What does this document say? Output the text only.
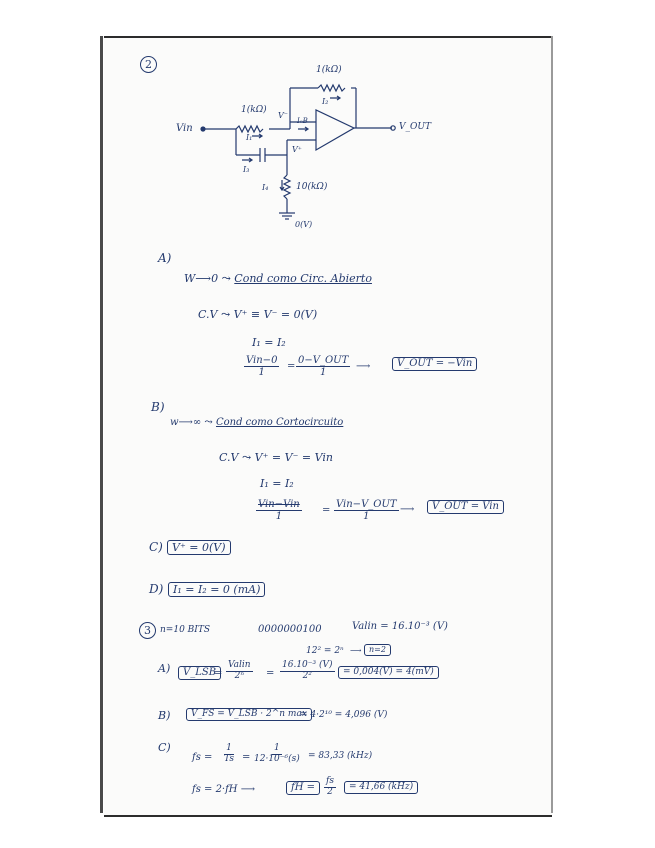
2	1(kΩ)
I₂
1(kΩ)
I₁
V⁻
I₀B
V_OUT
Vin
V⁺
I₃
I₄	10(kΩ)
0(V)
A)
W⟶0 ⤳ Cond como Circ. Abierto
C.V ⤳ V⁺ ≡ V⁻ = 0(V)
I₁ = I₂
Vin−0
1
=
0−V_OUT
1
⟶	V_OUT = −Vin
B)
w⟶∞ ⤳ Cond como Cortocircuito
C.V ⤳ V⁺ = V⁻ = Vin
I₁ = I₂
Vin−Vin
1
=
Vin−V_OUT
1
⟶	V_OUT = Vin
C) V⁺ = 0(V)
D) I₁ = I₂ = 0 (mA)
3	n=10 BITS	0000000100	Valin = 16.10⁻³ (V)
12² = 2ⁿ ⟶ n=2
A)	V_LSB
=
Valin
$2^n = \frac{\text{16.10⁻³ (V)}}{\text{2²}} = 0,004(V) = 4(mV)$
B)	V_FS = V_LSB · 2^n max
= 4·2¹⁰ = 4,096 (V)
C)
fs = $\frac{1}{Ts} = \frac{1}{\text{12·10⁻⁶(s)}} = 83,33$ (kHz)
fs = 2·fH ⟶	fH =	$\frac{fs}{2}$	= 41,66 (kHz)
